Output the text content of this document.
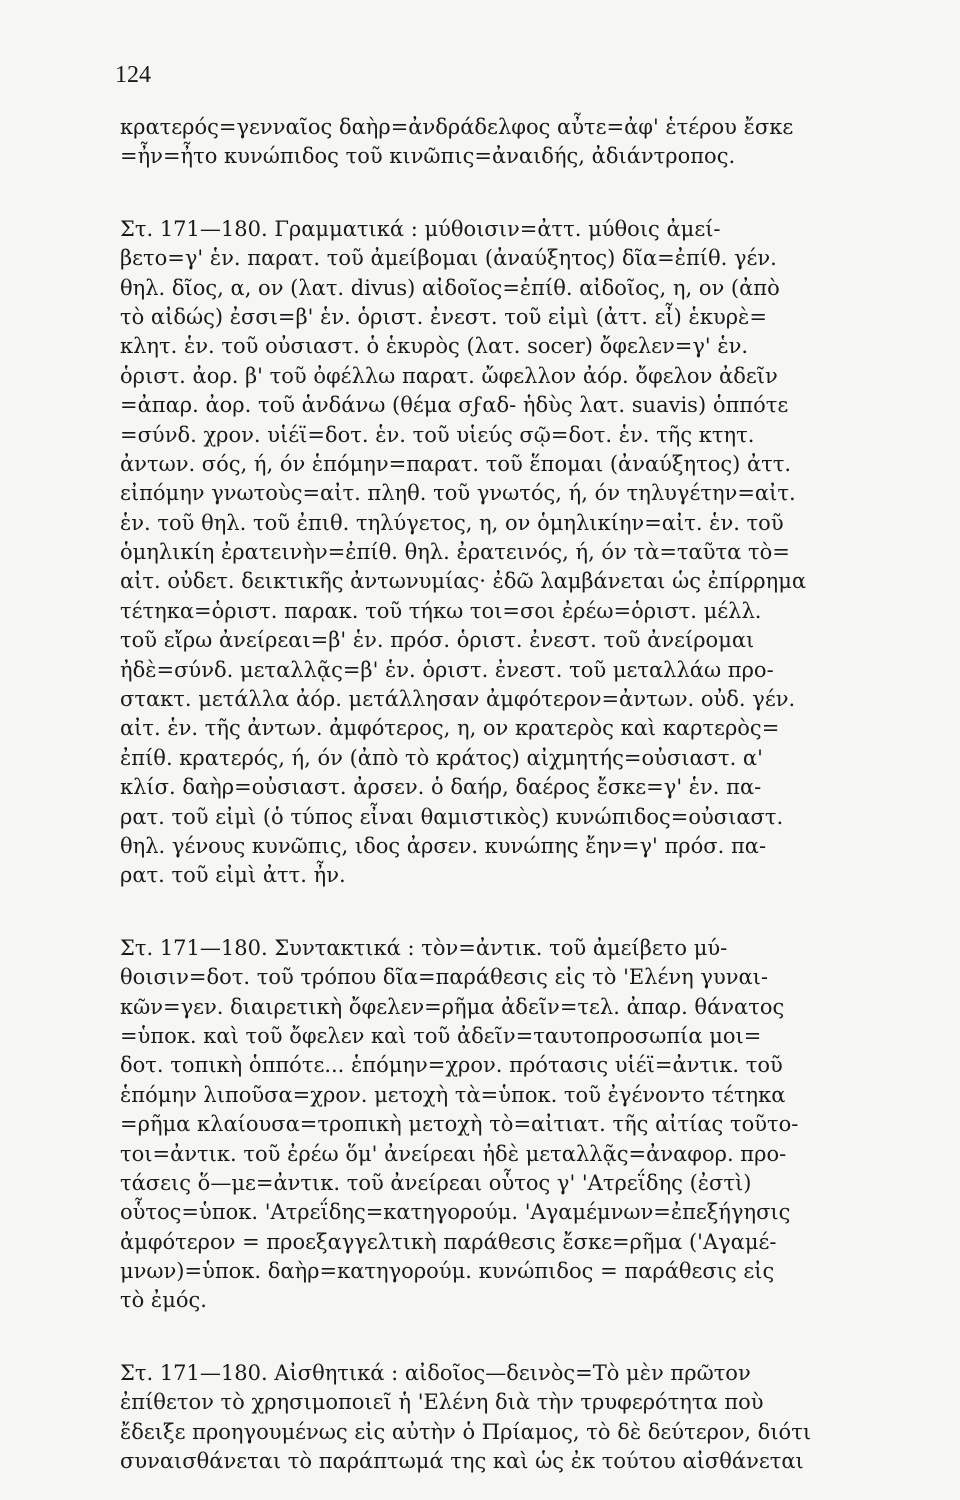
124
κρατερός=γενναῖος δαὴρ=ἀνδράδελφος αὖτε=ἀφ' ἑτέρου ἔσκε
=ἦν=ἦτο κυνώπιδος τοῦ κινῶπις=ἀναιδής, ἀδιάντροπος.
Στ. 171—180. Γραμματικά : μύθοισιν=ἀττ. μύθοις ἀμεί-
βετο=γ' ἑν. παρατ. τοῦ ἀμείβομαι (ἀναύξητος) δῖα=ἐπίθ. γέν.
θηλ. δῖος, α, ον (λατ. divus) αἰδοῖος=ἐπίθ. αἰδοῖος, η, ον (ἀπὸ
τὸ αἰδώς) ἐσσι=β' ἑν. ὁριστ. ἐνεστ. τοῦ εἰμὶ (ἀττ. εἶ) ἑκυρὲ=
κλητ. ἑν. τοῦ οὐσιαστ. ὁ ἑκυρὸς (λατ. socer) ὄφελεν=γ' ἑν.
ὁριστ. ἀορ. β' τοῦ ὀφέλλω παρατ. ὤφελλον ἀόρ. ὄφελον ἀδεῖν
=ἀπαρ. ἀορ. τοῦ ἁνδάνω (θέμα σϝαδ- ἡδὺς λατ. suavis) ὁππότε
=σύνδ. χρον. υἱέϊ=δοτ. ἑν. τοῦ υἱεύς σῷ=δοτ. ἑν. τῆς κτητ.
ἀντων. σός, ή, όν ἑπόμην=παρατ. τοῦ ἕπομαι (ἀναύξητος) ἀττ.
εἰπόμην γνωτοὺς=αἰτ. πληθ. τοῦ γνωτός, ή, όν τηλυγέτην=αἰτ.
ἑν. τοῦ θηλ. τοῦ ἐπιθ. τηλύγετος, η, ον ὁμηλικίην=αἰτ. ἑν. τοῦ
ὁμηλικίη ἐρατεινὴν=ἐπίθ. θηλ. ἐρατεινός, ή, όν τὰ=ταῦτα τὸ=
αἰτ. οὐδετ. δεικτικῆς ἀντωνυμίας· ἐδῶ λαμβάνεται ὡς ἐπίρρημα
τέτηκα=ὁριστ. παρακ. τοῦ τήκω τοι=σοι ἐρέω=ὁριστ. μέλλ.
τοῦ εἴρω ἀνείρεαι=β' ἑν. πρόσ. ὁριστ. ἐνεστ. τοῦ ἀνείρομαι
ἠδὲ=σύνδ. μεταλλᾷς=β' ἑν. ὁριστ. ἐνεστ. τοῦ μεταλλάω προ-
στακτ. μετάλλα ἀόρ. μετάλλησαν ἀμφότερον=ἀντων. οὐδ. γέν.
αἰτ. ἑν. τῆς ἀντων. ἀμφότερος, η, ον κρατερὸς καὶ καρτερὸς=
ἐπίθ. κρατερός, ή, όν (ἀπὸ τὸ κράτος) αἰχμητής=οὐσιαστ. α'
κλίσ. δαὴρ=οὐσιαστ. ἀρσεν. ὁ δαήρ, δαέρος ἔσκε=γ' ἑν. πα-
ρατ. τοῦ εἰμὶ (ὁ τύπος εἶναι θαμιστικὸς) κυνώπιδος=οὐσιαστ.
θηλ. γένους κυνῶπις, ιδος ἀρσεν. κυνώπης ἔην=γ' πρόσ. πα-
ρατ. τοῦ εἰμὶ ἀττ. ἦν.
Στ. 171—180. Συντακτικά : τὸν=ἀντικ. τοῦ ἀμείβετο μύ-
θοισιν=δοτ. τοῦ τρόπου δῖα=παράθεσις εἰς τὸ 'Ελένη γυναι-
κῶν=γεν. διαιρετικὴ ὄφελεν=ρῆμα ἀδεῖν=τελ. ἀπαρ. θάνατος
=ὑποκ. καὶ τοῦ ὄφελεν καὶ τοῦ ἀδεῖν=ταυτοπροσωπία μοι=
δοτ. τοπικὴ ὁππότε... ἑπόμην=χρον. πρότασις υἱέϊ=ἀντικ. τοῦ
ἑπόμην λιποῦσα=χρον. μετοχὴ τὰ=ὑποκ. τοῦ ἐγένοντο τέτηκα
=ρῆμα κλαίουσα=τροπικὴ μετοχὴ τὸ=αἰτιατ. τῆς αἰτίας τοῦτο-
τοι=ἀντικ. τοῦ ἐρέω ὅμ' ἀνείρεαι ἠδὲ μεταλλᾷς=ἀναφορ. προ-
τάσεις ὅ—με=ἀντικ. τοῦ ἀνείρεαι οὗτος γ' 'Ατρεΐδης (ἐστὶ)
οὗτος=ὑποκ. 'Ατρεΐδης=κατηγορούμ. 'Αγαμέμνων=ἐπεξήγησις
ἀμφότερον = προεξαγγελτικὴ παράθεσις ἔσκε=ρῆμα ('Αγαμέ-
μνων)=ὑποκ. δαὴρ=κατηγορούμ. κυνώπιδος = παράθεσις εἰς
τὸ ἐμός.
Στ. 171—180. Αἰσθητικά : αἰδοῖος—δεινὸς=Τὸ μὲν πρῶτον
ἐπίθετον τὸ χρησιμοποιεῖ ἡ 'Ελένη διὰ τὴν τρυφερότητα ποὺ
ἔδειξε προηγουμένως εἰς αὐτὴν ὁ Πρίαμος, τὸ δὲ δεύτερον, διότι
συναισθάνεται τὸ παράπτωμά της καὶ ὡς ἐκ τούτου αἰσθάνεται
